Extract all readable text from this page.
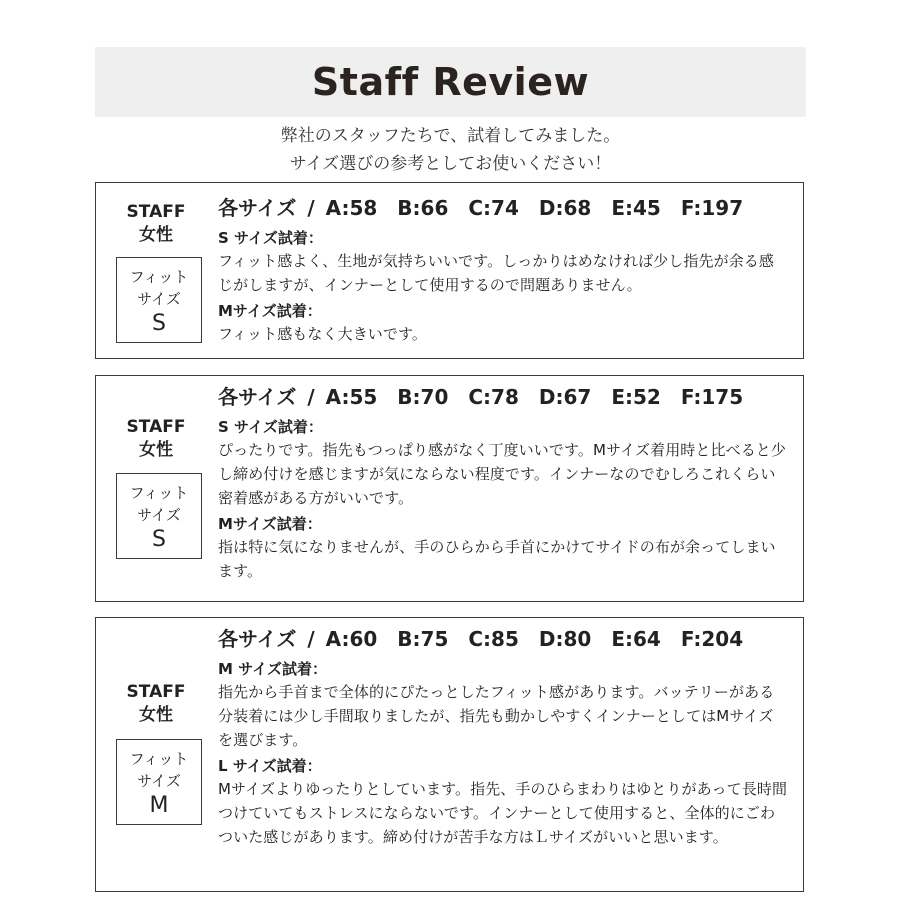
Staff Review
弊社のスタッフたちで、試着してみました。
サイズ選びの参考としてお使いください！
STAFF
女性
フィット
サイズ
S
各サイズ / A:58　B:66　C:74　D:68　E:45　F:197
S サイズ試着：
フィット感よく、生地が気持ちいいです。しっかりはめなければ少し指先が余る感じがしますが、インナーとして使用するので問題ありません。
Mサイズ試着：
フィット感もなく大きいです。
STAFF
女性
フィット
サイズ
S
各サイズ / A:55　B:70　C:78　D:67　E:52　F:175
S サイズ試着：
ぴったりです。指先もつっぱり感がなく丁度いいです。Mサイズ着用時と比べると少し締め付けを感じますが気にならない程度です。インナーなのでむしろこれくらい密着感がある方がいいです。
Mサイズ試着：
指は特に気になりませんが、手のひらから手首にかけてサイドの布が余ってしまいます。
STAFF
女性
フィット
サイズ
M
各サイズ / A:60　B:75　C:85　D:80　E:64　F:204
M サイズ試着：
指先から手首まで全体的にぴたっとしたフィット感があります。バッテリーがある分装着には少し手間取りましたが、指先も動かしやすくインナーとしてはMサイズを選びます。
L サイズ試着：
Mサイズよりゆったりとしています。指先、手のひらまわりはゆとりがあって長時間つけていてもストレスにならないです。インナーとして使用すると、全体的にごわついた感じがあります。締め付けが苦手な方はＬサイズがいいと思います。
